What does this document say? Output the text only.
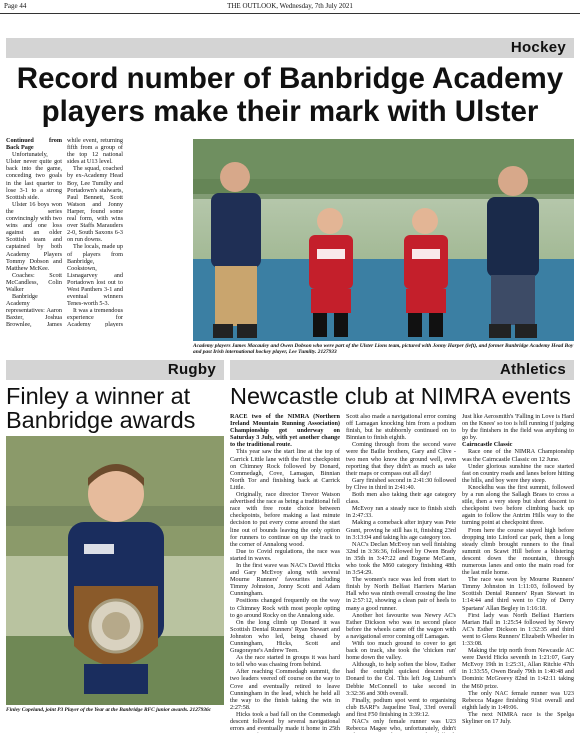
Page 44	THE OUTLOOK, Wednesday, 7th July 2021
Hockey
Record number of Banbridge Academy
players make their mark with Ulster

Continued from Back Page

Unfortunately, Ulster never quite got back into the game, conceding two goals in the last quarter to lose 3-1 to a strong Scottish side.

Ulster 16 boys won the series convincingly with two wins and one loss against an older Scottish team and captained by both Academy Players Tommy Dobson and Matthew McKee.

Coaches: Scott McCandless, Colin Walker

Banbridge Academy representatives: Aaron Baxter, Joshua Brownlee, James

while event, returning fifth from a group of the top 12 national sides at U13 level.

The squad, coached by ex-Academy Head Boy, Lee Tumilty and Portadown's stalwarts, Paul Bennett, Scott Watson and Jonny Harper, found some real form, with wins over Staffs Marauders 2-0, South Saxons 6-3 on run downs.

The locals, made up of players from Banbridge, Cookstown, Lisnagarvey and Portadown lost out to West Panthers 3-1 and eventual winners Tenes-worth 5-3.

It was a tremendous experience for Academy players

Academy players James Macauley and Owen Dobson who were part of the Ulster Lions team, pictured with Jonny Harper (left), and former Banbridge Academy Head Boy and past Irish international hockey player, Lee Tumilty. 2127933
Rugby
Finley a winner at
Banbridge awards
Finley Copeland, joint P3 Player of the Year at the Banbridge RFC junior awards. 2127936c
Athletics
Newcastle club at NIMRA events

RACE two of the NIMRA (Northern Ireland Mountain Running Association) Championship got underway on Saturday 3 July, with yet another change to the traditional route.

This year saw the start line at the top of Carrick Little lane with the first checkpoint on Chimney Rock followed by Donard, Commedagh, Cove, Lamagan, Binnian North Tor and finishing back at Carrick Little.

Originally, race director Trevor Watson advertised the race as being a traditional fell race with free route choice between checkpoints, before making a last minute decision to put every come around the start line out of bounds leaving the only option for runners to continue on up the track to the corner of Annalong wood.

Due to Covid regulations, the race was started in waves.

In the first wave was NAC's David Hicks and Gary McEvoy along with several Mourne Runners' favourites including Timmy Johnston, Jonny Scott and Adam Cunningham.

Positions changed frequently on the way to Chimney Rock with most people opting to go around Rocky on the Annalong side.

On the long climb up Donard it was Scottish Dental Runners' Ryan Stewart and Johnston who led, being chased by Cunningham, Hicks, Scott and Gragorayne's Andrew Teen.

As the race started in groups it was hard to tell who was chasing from behind.

After reaching Commedagh summit, the two leaders veered off course on the way to Cove and eventually retired to leave Cunningham in the lead, which he held all the way to the finish taking the win in 2:27:58.

Hicks took a bad fall on the Commedagh descent followed by several navigational errors and eventually made it home in 25th

Scott also made a navigational error coming off Lamagan knocking him from a podium finish, but he stubbornly continued on to Binnian to finish eighth.

Coming through from the second wave were the Bailie brothers, Gary and Clive - two men who know the ground well, even reporting that they didn't as much as take their maps or compass out all day!

Gary finished second in 2:41:30 followed by Clive in third in 2:41:40.

Both men also taking their age category class.

McEvoy ran a steady race to finish sixth in 2:47:33.

Making a comeback after injury was Pete Grant, proving he still has it, finishing 23rd in 3:13:04 and taking his age category too.

NAC's Declan McEvoy ran well finishing 32nd in 3:36:36, followed by Owen Brady in 35th in 3:47:22 and Eugene McCann, who took the M60 category finishing 48th in 3:54:29.

The women's race was led from start to finish by North Belfast Harriers Marian Hall who was ninth overall crossing the line in 2:57:12, showing a clean pair of heels to many a good runner.

Another hot favourite was Newry AC's Esther Dickson who was in second place before the wheels came off the wagon with a navigational error coming off Lamagan.

With too much ground to cover to get back on track, she took the 'chicken run' home down the valley.

Although, to help soften the blow, Esther had the outright quickest descent off Donard to the Col. This left Jog Lisburn's Debbie McConnell to take second in 3:32:36 and 30th overall.

Finally, podium spot went to organising club BARF's Jaqueline Teal, 33rd overall and first F50 finishing in 3:39:12.

NAC's only female runner was U23 Rebecca Magee who, unfortunately, didn't

Just like Aerosmith's 'Falling in Love is Hard on the Knees' so too is hill running if judging by the finishers in the field was anything to go by.

Cairncastle Classic

Race one of the NIMRA Championship was the Cairncastle Classic on 12 June.

Under glorious sunshine the race started fast on country roads and lanes before hitting the hills, and boy were they steep.

Knockdhu was the first summit, followed by a run along the Sallagh Braes to cross a stile, then a very steep but short descent to checkpoint two before climbing back up again to follow the Antrim Hills way to the turning point at checkpoint three.

From here the course stayed high before dropping into Linford car park, then a long steady climb brought runners to the final summit on Scawt Hill before a blistering descent down the mountain, through numerous lanes and onto the main road for the last mile home.

The race was won by Mourne Runners' Timmy Johnston in 1:11:03, followed by Scottish Dental Runners' Ryan Stewart in 1:14:44 and third went to City of Derry Spartans' Allan Begley in 1:16:18.

First lady was North Belfast Harriers Marian Hall in 1:25:54 followed by Newry AC's Esther Dickson in 1:32:35 and third went to Glens Runners' Elizabeth Wheeler in 1:33:08.

Making the trip north from Newcastle AC were David Hicks seventh in 1:21:07, Gary McEvoy 19th in 1:25:31, Allan Ritchie 47th in 1:33:55, Owen Brady 79th in 1:40:48 and Dominic McGreevy 82nd in 1:42:11 taking the M60 prize.

The only NAC female runner was U23 Rebecca Magee finishing 91st overall and eighth lady in 1:49:06.

The next NIMRA race is the Spelga Skyliner on 17 July.
